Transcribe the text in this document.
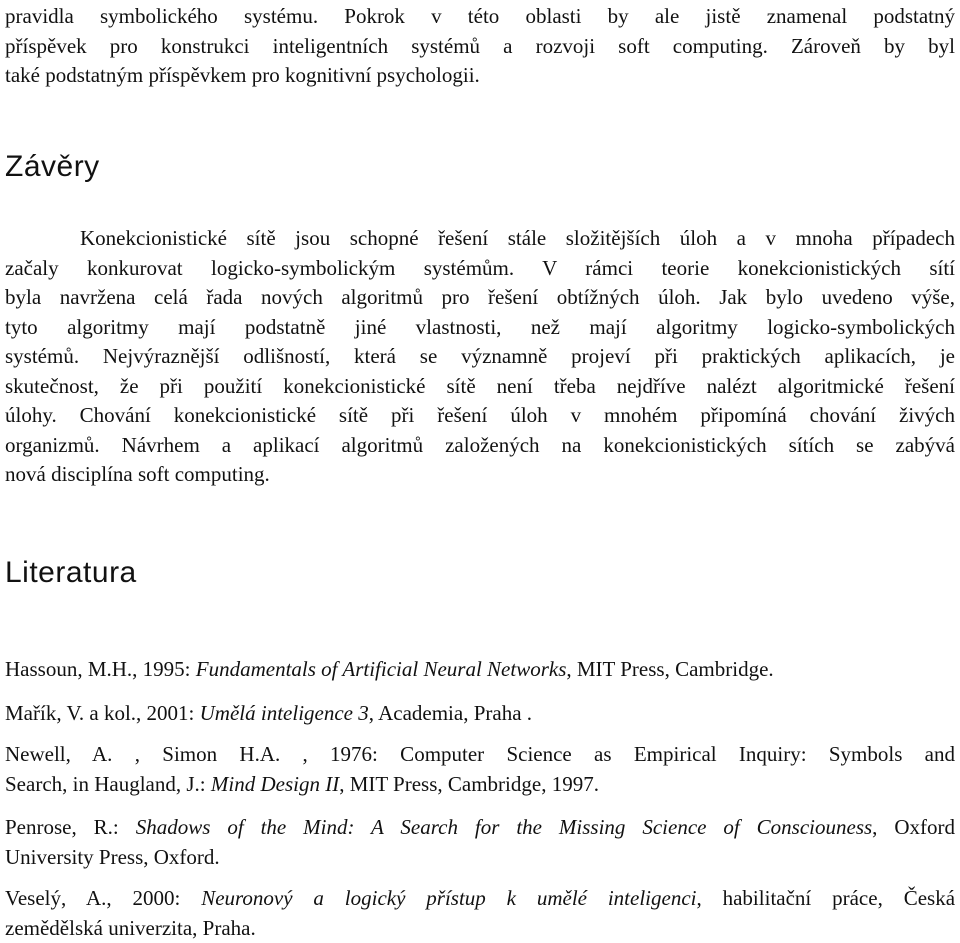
pravidla symbolického systému. Pokrok v této oblasti by ale jistě znamenal podstatný
příspěvek pro konstrukci inteligentních systémů a rozvoji soft computing. Zároveň by byl
také podstatným příspěvkem pro kognitivní psychologii.
Závěry
Konekcionistické sítě jsou schopné řešení stále složitějších úloh a v mnoha případech
začaly konkurovat logicko-symbolickým systémům. V rámci teorie konekcionistických sítí
byla navržena celá řada nových algoritmů pro řešení obtížných úloh. Jak bylo uvedeno výše,
tyto algoritmy mají podstatně jiné vlastnosti, než mají algoritmy logicko-symbolických
systémů. Nejvýraznější odlišností, která se významně projeví při praktických aplikacích, je
skutečnost, že při použití konekcionistické sítě není třeba nejdříve nalézt algoritmické řešení
úlohy. Chování konekcionistické sítě při řešení úloh v mnohém připomíná chování živých
organizmů. Návrhem a aplikací algoritmů založených na konekcionistických sítích se zabývá
nová disciplína soft computing.
Literatura

Hassoun, M.H., 1995: Fundamentals of Artificial Neural Networks, MIT Press, Cambridge.

Mařík, V. a kol., 2001: Umělá inteligence 3, Academia, Praha .

Newell, A. , Simon H.A. , 1976: Computer Science as Empirical Inquiry: Symbols and
Search, in Haugland, J.: Mind Design II, MIT Press, Cambridge, 1997.

Penrose, R.: Shadows of the Mind: A Search for the Missing Science of Consciouness, Oxford
University Press, Oxford.

Veselý, A., 2000: Neuronový a logický přístup k umělé inteligenci, habilitační práce, Česká
zemědělská univerzita, Praha.
